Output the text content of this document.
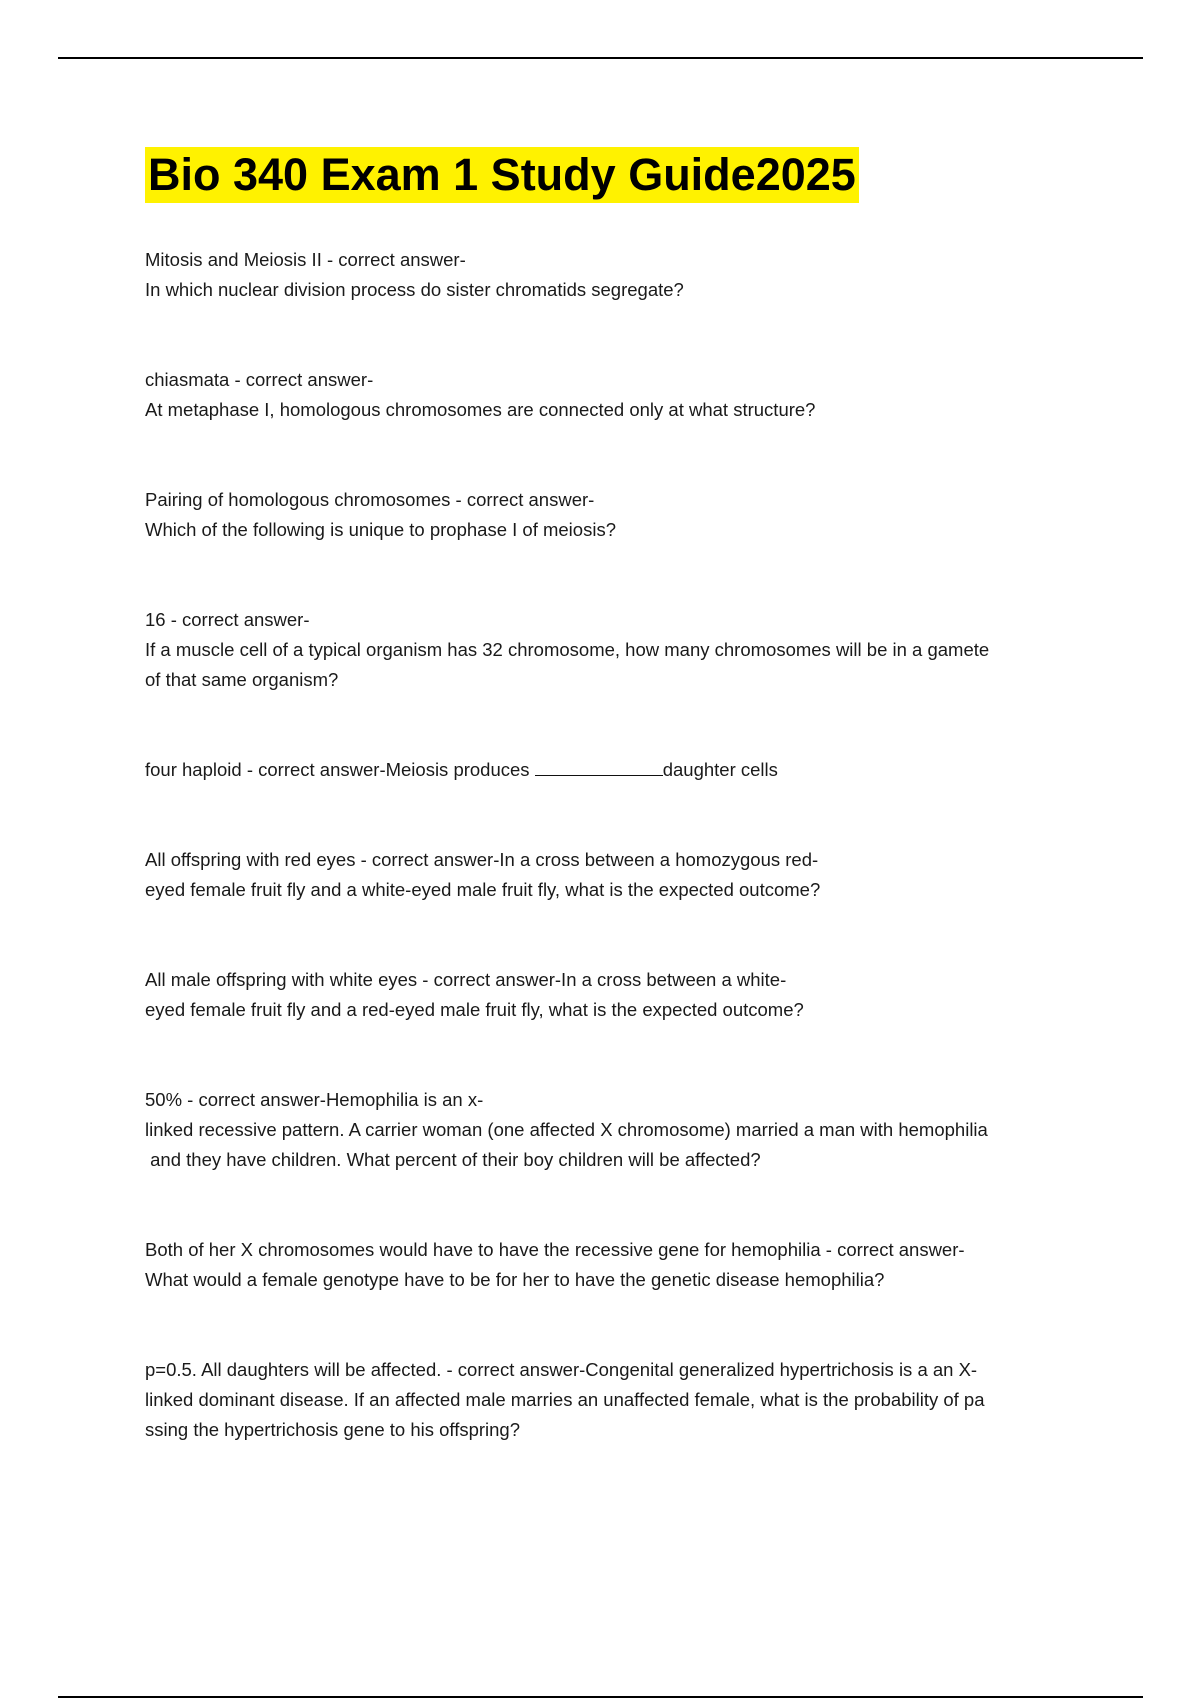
Bio 340 Exam 1 Study Guide2025
Mitosis and Meiosis II - correct answer-
In which nuclear division process do sister chromatids segregate?
chiasmata - correct answer-
At metaphase I, homologous chromosomes are connected only at what structure?
Pairing of homologous chromosomes - correct answer-
Which of the following is unique to prophase I of meiosis?
16 - correct answer-
If a muscle cell of a typical organism has 32 chromosome, how many chromosomes will be in a gamete
of that same organism?
four haploid - correct answer-Meiosis produces	daughter cells
All offspring with red eyes - correct answer-In a cross between a homozygous red-
eyed female fruit fly and a white-eyed male fruit fly, what is the expected outcome?
All male offspring with white eyes - correct answer-In a cross between a white-
eyed female fruit fly and a red-eyed male fruit fly, what is the expected outcome?
50% - correct answer-Hemophilia is an x-
linked recessive pattern. A carrier woman (one affected X chromosome) married a man with hemophilia
and they have children. What percent of their boy children will be affected?
Both of her X chromosomes would have to have the recessive gene for hemophilia - correct answer-
What would a female genotype have to be for her to have the genetic disease hemophilia?
p=0.5. All daughters will be affected. - correct answer-Congenital generalized hypertrichosis is a an X-
linked dominant disease. If an affected male marries an unaffected female, what is the probability of pa
ssing the hypertrichosis gene to his offspring?
